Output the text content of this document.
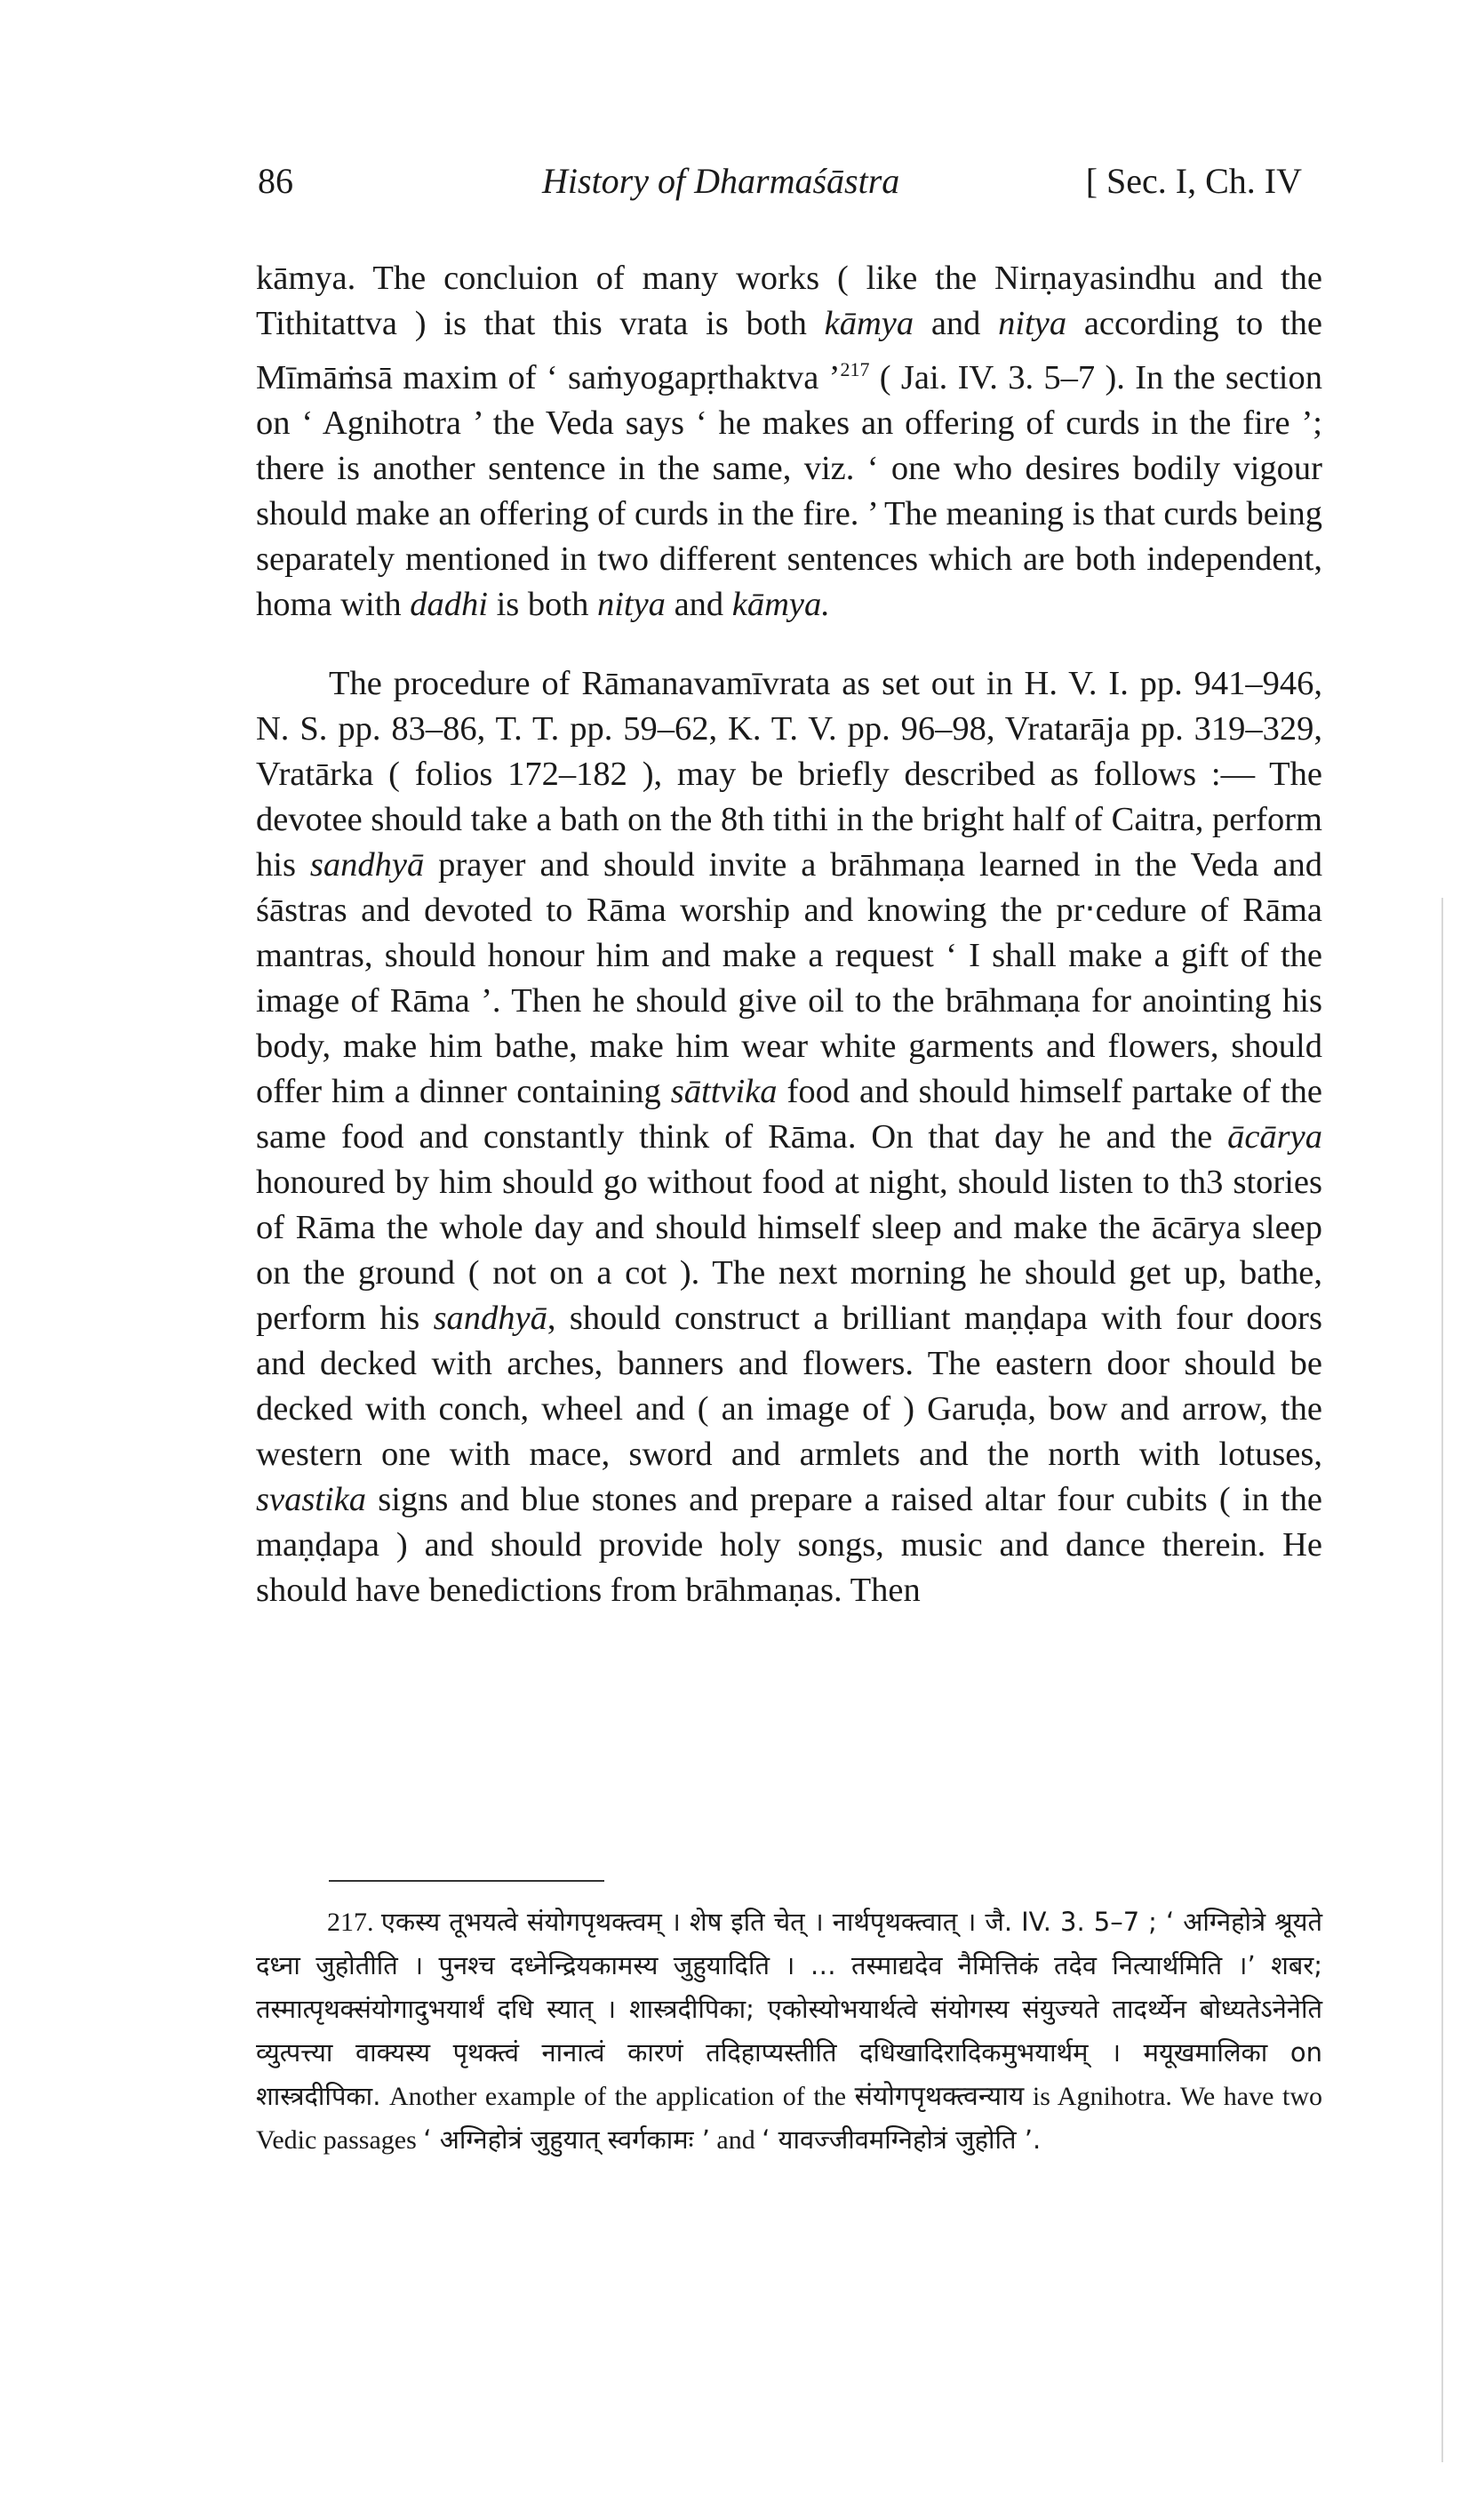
86	History of Dharmaśāstra	[ Sec. I, Ch. IV

kāmya. The concluion of many works ( like the Nirṇayasindhu and the Tithitattva ) is that this vrata is both kāmya and nitya according to the Mīmāṁsā maxim of ‘ saṁyogapṛthaktva ’$^{217}$ ( Jai. IV. 3. 5–7 ). In the section on ‘ Agnihotra ’ the Veda says ‘ he makes an offering of curds in the fire ’; there is another sentence in the same, viz. ‘ one who desires bodily vigour should make an offering of curds in the fire. ’ The meaning is that curds being separately mentioned in two different sentences which are both independent, homa with dadhi is both nitya and kāmya.

The procedure of Rāmanavamīvrata as set out in H. V. I. pp. 941–946, N. S. pp. 83–86, T. T. pp. 59–62, K. T. V. pp. 96–98, Vratarāja pp. 319–329, Vratārka ( folios 172–182 ), may be briefly described as follows :— The devotee should take a bath on the 8th tithi in the bright half of Caitra, perform his sandhyā prayer and should invite a brāhmaṇa learned in the Veda and śāstras and devoted to Rāma worship and knowing the pr‧cedure of Rāma mantras, should honour him and make a request ‘ I shall make a gift of the image of Rāma ’. Then he should give oil to the brāhmaṇa for anointing his body, make him bathe, make him wear white garments and flowers, should offer him a dinner containing sāttvika food and should himself partake of the same food and constantly think of Rāma. On that day he and the ācārya honoured by him should go without food at night, should listen to th3 stories of Rāma the whole day and should himself sleep and make the ācārya sleep on the ground ( not on a cot ). The next morning he should get up, bathe, perform his sandhyā, should construct a brilliant maṇḍapa with four doors and decked with arches, banners and flowers. The eastern door should be decked with conch, wheel and ( an image of ) Garuḍa, bow and arrow, the western one with mace, sword and armlets and the north with lotuses, svastika signs and blue stones and prepare a raised altar four cubits ( in the maṇḍapa ) and should provide holy songs, music and dance therein. He should have benedictions from brāhmaṇas. Then

217. एकस्य तूभयत्वे संयोगपृथक्त्वम् । शेष इति चेत् । नार्थपृथक्त्वात् । जै. IV. 3. 5–7 ; ‘ अग्निहोत्रे श्रूयते दध्ना जुहोतीति । पुनश्च दध्नेन्द्रियकामस्य जुहुयादिति । … तस्माद्यदेव नैमित्तिकं तदेव नित्यार्थमिति ।’ शबर; तस्मात्पृथक्संयोगादुभयार्थं दधि स्यात् । शास्त्रदीपिका; एकोस्योभयार्थत्वे संयोगस्य संयुज्यते तादर्थ्येन बोध्यतेऽनेनेति व्युत्पत्त्या वाक्यस्य पृथक्त्वं नानात्वं कारणं तदिहाप्यस्तीति दधिखादिरादिकमुभयार्थम् । मयूखमालिका on शास्त्रदीपिका. Another example of the application of the संयोगपृथक्त्वन्याय is Agnihotra. We have two Vedic passages ‘ अग्निहोत्रं जुहुयात् स्वर्गकामः ’ and ‘ यावज्जीवमग्निहोत्रं जुहोति ’.
